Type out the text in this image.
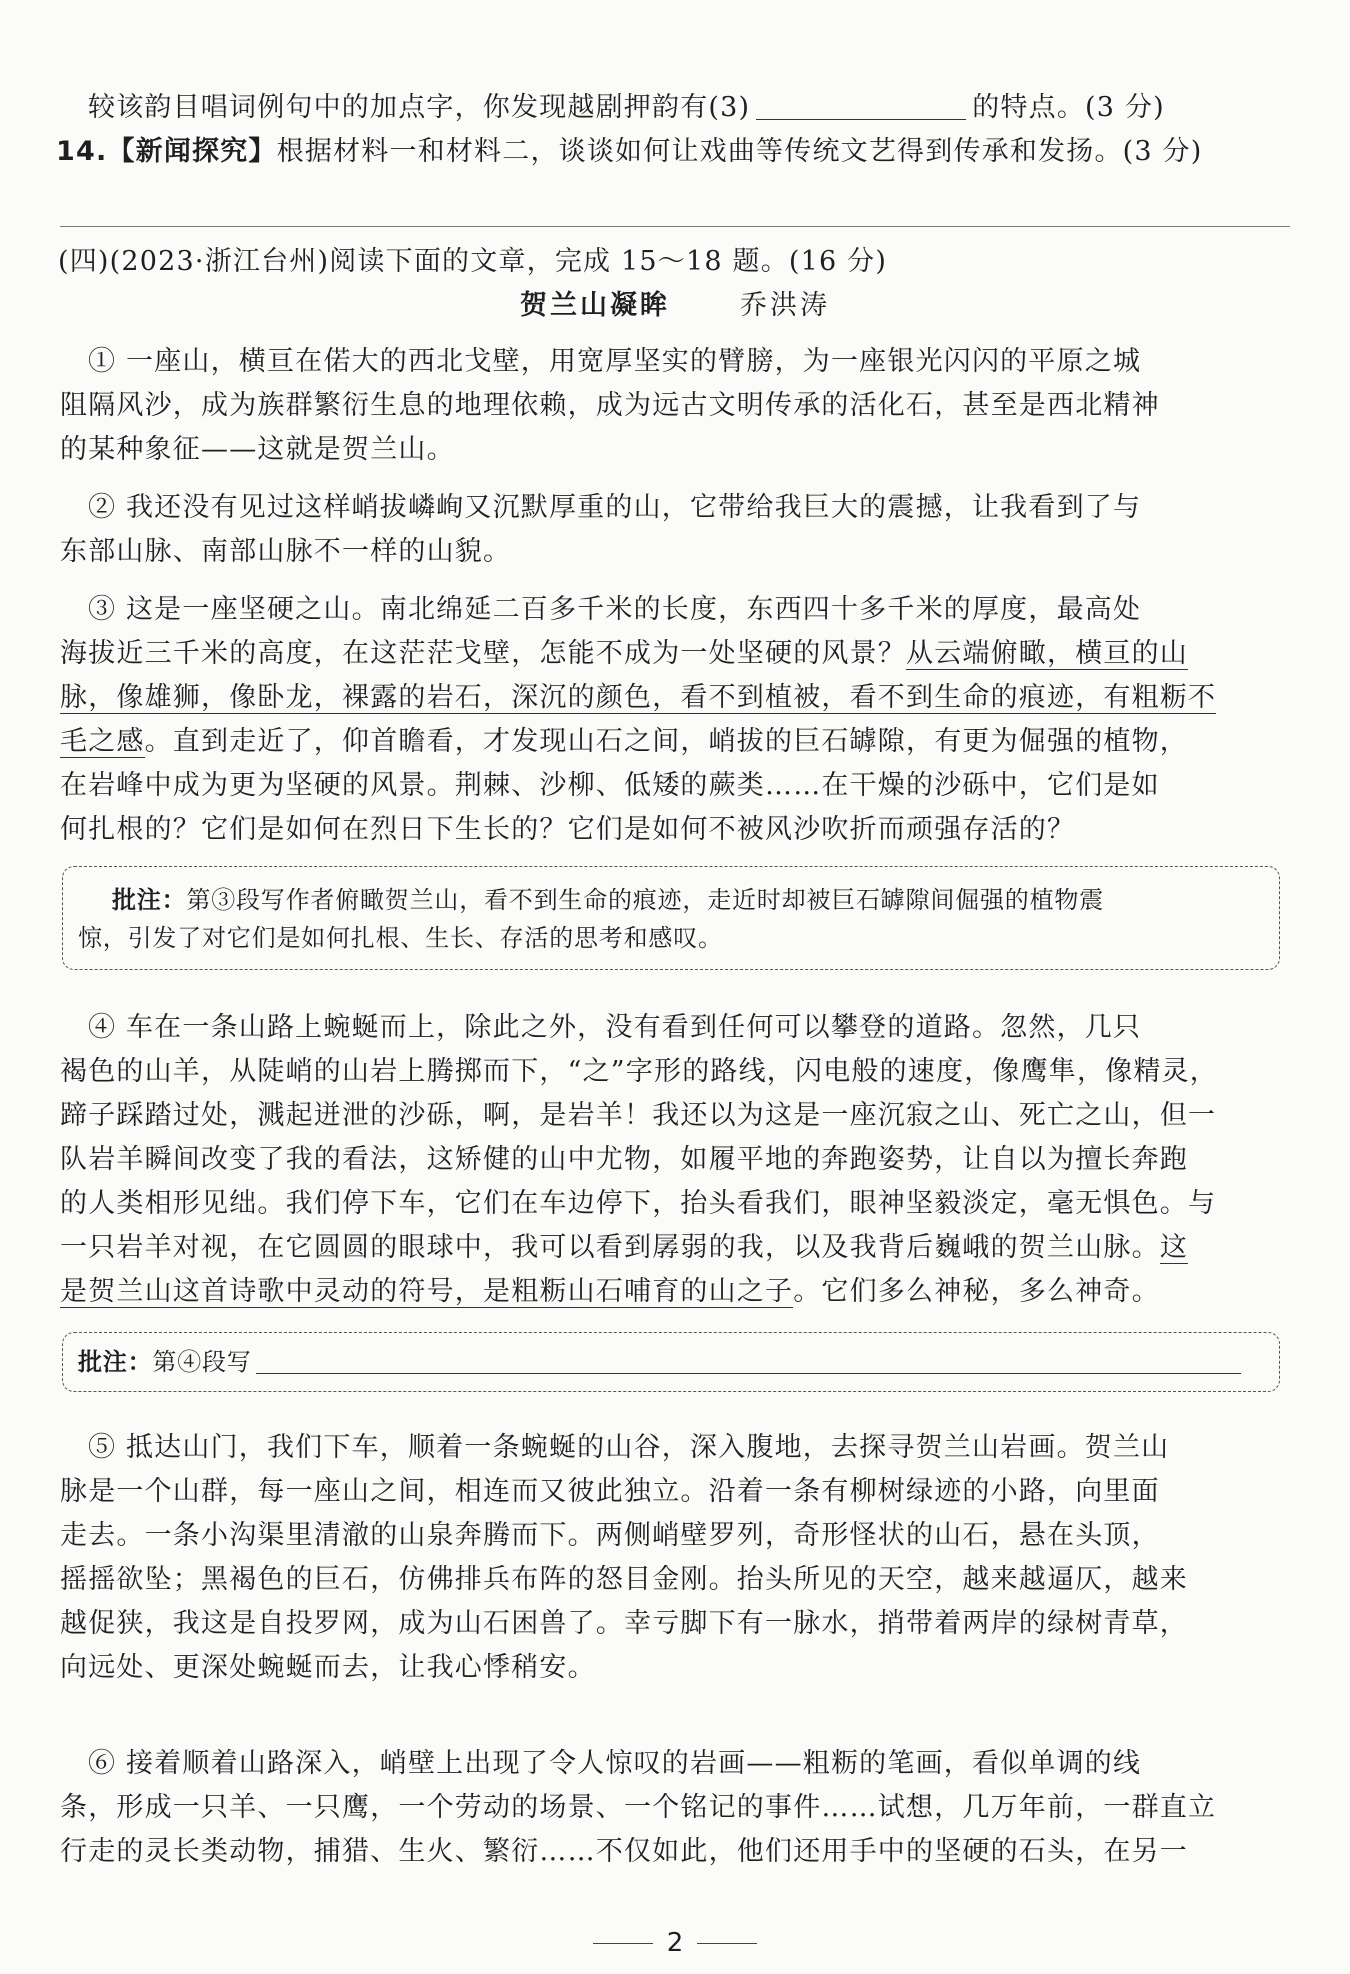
较该韵目唱词例句中的加点字，你发现越剧押韵有(3)	的特点。(3 分)
14.【新闻探究】根据材料一和材料二，谈谈如何让戏曲等传统文艺得到传承和发扬。(3 分)
(四)(2023·浙江台州)阅读下面的文章，完成 15～18 题。(16 分)
贺兰山凝眸	乔洪涛
① 一座山，横亘在偌大的西北戈壁，用宽厚坚实的臂膀，为一座银光闪闪的平原之城
阻隔风沙，成为族群繁衍生息的地理依赖，成为远古文明传承的活化石，甚至是西北精神
的某种象征——这就是贺兰山。
② 我还没有见过这样峭拔嶙峋又沉默厚重的山，它带给我巨大的震撼，让我看到了与
东部山脉、南部山脉不一样的山貌。
③ 这是一座坚硬之山。南北绵延二百多千米的长度，东西四十多千米的厚度，最高处
海拔近三千米的高度，在这茫茫戈壁，怎能不成为一处坚硬的风景？从云端俯瞰，横亘的山
脉，像雄狮，像卧龙，裸露的岩石，深沉的颜色，看不到植被，看不到生命的痕迹，有粗粝不
毛之感。直到走近了，仰首瞻看，才发现山石之间，峭拔的巨石罅隙，有更为倔强的植物，
在岩峰中成为更为坚硬的风景。荆棘、沙柳、低矮的蕨类……在干燥的沙砾中，它们是如
何扎根的？它们是如何在烈日下生长的？它们是如何不被风沙吹折而顽强存活的？
批注：第③段写作者俯瞰贺兰山，看不到生命的痕迹，走近时却被巨石罅隙间倔强的植物震
惊，引发了对它们是如何扎根、生长、存活的思考和感叹。
④ 车在一条山路上蜿蜒而上，除此之外，没有看到任何可以攀登的道路。忽然，几只
褐色的山羊，从陡峭的山岩上腾掷而下，“之”字形的路线，闪电般的速度，像鹰隼，像精灵，
蹄子踩踏过处，溅起迸泄的沙砾，啊，是岩羊！我还以为这是一座沉寂之山、死亡之山，但一
队岩羊瞬间改变了我的看法，这矫健的山中尤物，如履平地的奔跑姿势，让自以为擅长奔跑
的人类相形见绌。我们停下车，它们在车边停下，抬头看我们，眼神坚毅淡定，毫无惧色。与
一只岩羊对视，在它圆圆的眼球中，我可以看到孱弱的我，以及我背后巍峨的贺兰山脉。这
是贺兰山这首诗歌中灵动的符号，是粗粝山石哺育的山之子。它们多么神秘，多么神奇。
批注：第④段写
⑤ 抵达山门，我们下车，顺着一条蜿蜒的山谷，深入腹地，去探寻贺兰山岩画。贺兰山
脉是一个山群，每一座山之间，相连而又彼此独立。沿着一条有柳树绿迹的小路，向里面
走去。一条小沟渠里清澈的山泉奔腾而下。两侧峭壁罗列，奇形怪状的山石，悬在头顶，
摇摇欲坠；黑褐色的巨石，仿佛排兵布阵的怒目金刚。抬头所见的天空，越来越逼仄，越来
越促狭，我这是自投罗网，成为山石困兽了。幸亏脚下有一脉水，捎带着两岸的绿树青草，
向远处、更深处蜿蜒而去，让我心悸稍安。
⑥ 接着顺着山路深入，峭壁上出现了令人惊叹的岩画——粗粝的笔画，看似单调的线
条，形成一只羊、一只鹰，一个劳动的场景、一个铭记的事件……试想，几万年前，一群直立
行走的灵长类动物，捕猎、生火、繁衍……不仅如此，他们还用手中的坚硬的石头，在另一
2
